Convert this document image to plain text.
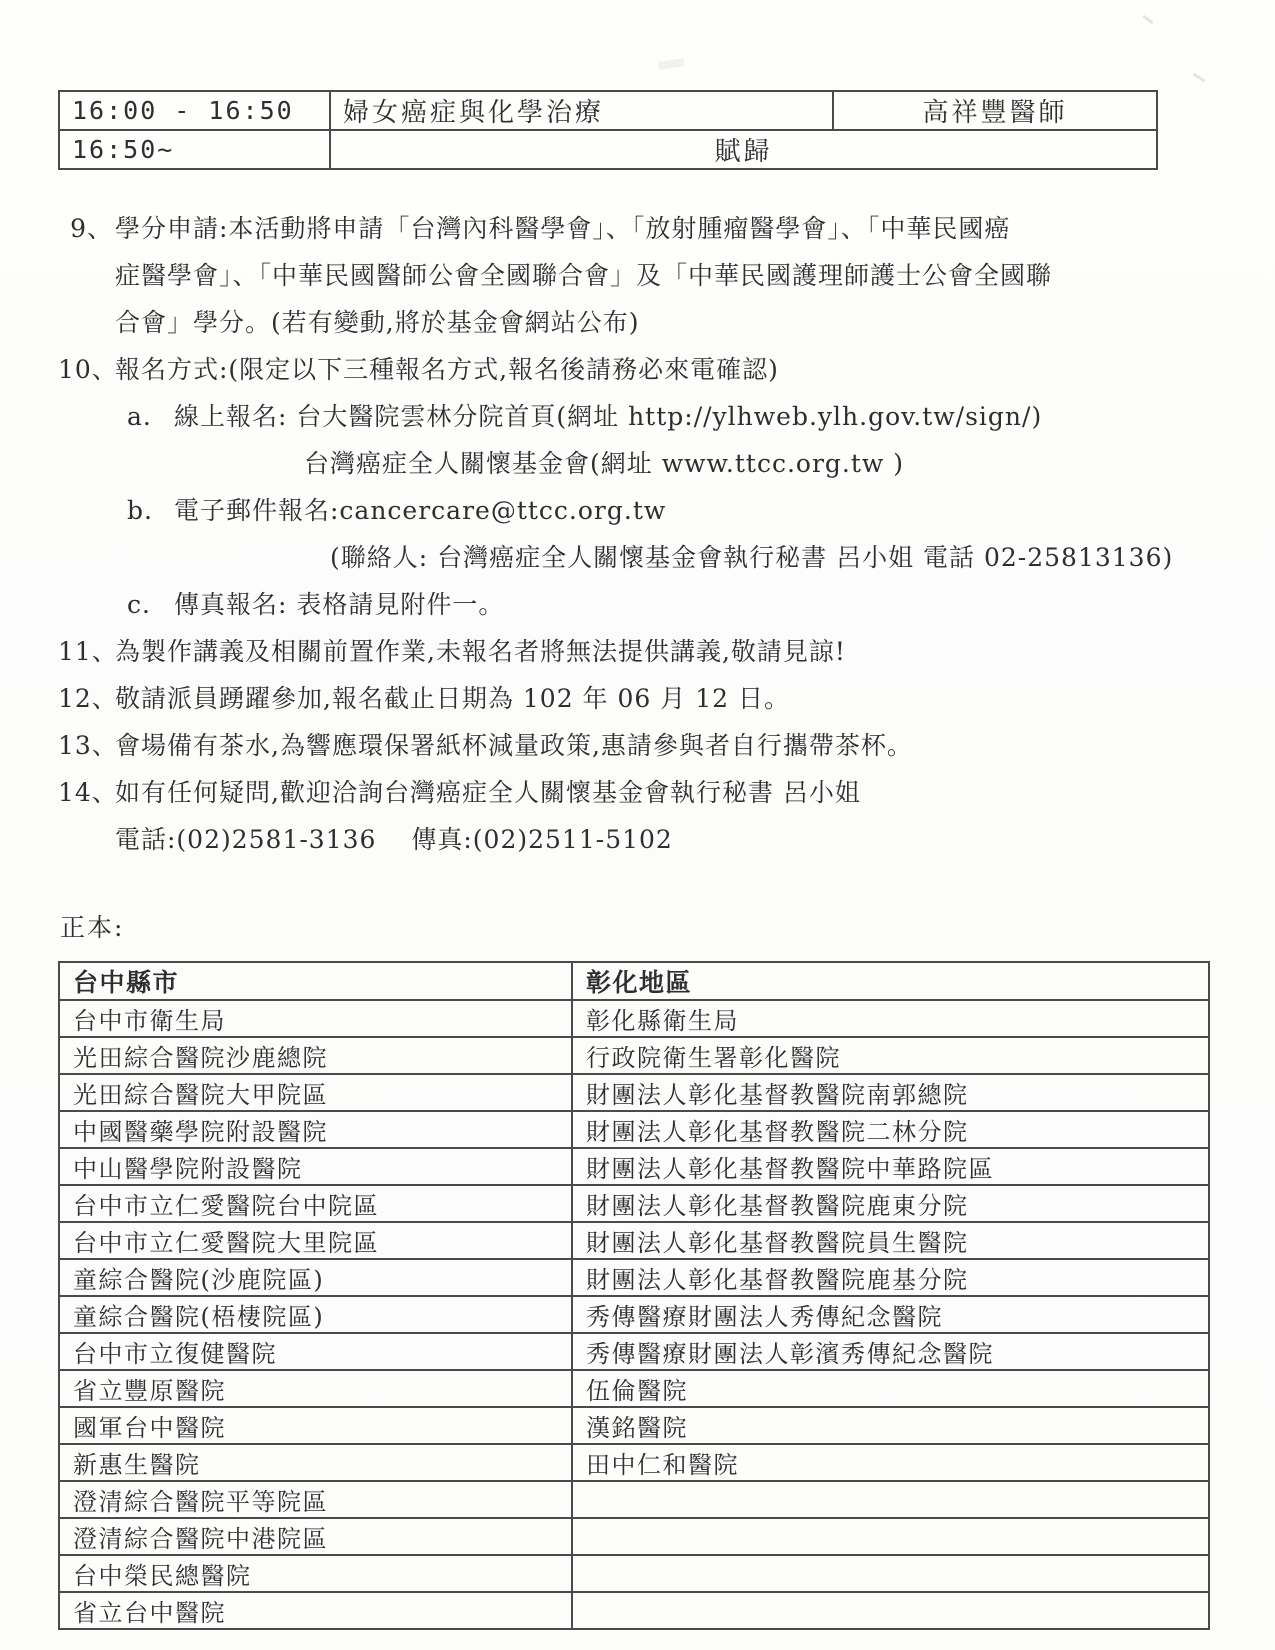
16:00 - 16:50	婦女癌症與化學治療	高祥豐醫師
16:50~	賦歸	
9、 學分申請:本活動將申請「台灣內科醫學會」、「放射腫瘤醫學會」、「中華民國癌
症醫學會」、「中華民國醫師公會全國聯合會」及「中華民國護理師護士公會全國聯
合會」學分。(若有變動,將於基金會網站公布)
10、
報名方式:(限定以下三種報名方式,報名後請務必來電確認)
a. 線上報名: 台大醫院雲林分院首頁(網址 http://ylhweb.ylh.gov.tw/sign/)
台灣癌症全人關懷基金會(網址 www.ttcc.org.tw )
b. 電子郵件報名:cancercare@ttcc.org.tw
(聯絡人: 台灣癌症全人關懷基金會執行秘書 呂小姐 電話 02-25813136)
c. 傳真報名: 表格請見附件一。
11、
為製作講義及相關前置作業,未報名者將無法提供講義,敬請見諒!
12、
敬請派員踴躍參加,報名截止日期為 102 年 06 月 12 日。
13、
會場備有茶水,為響應環保署紙杯減量政策,惠請參與者自行攜帶茶杯。
14、
如有任何疑問,歡迎洽詢台灣癌症全人關懷基金會執行秘書 呂小姐
電話:(02)2581-3136　 傳真:(02)2511-5102
正本:
台中縣市	彰化地區
台中市衛生局	彰化縣衛生局
光田綜合醫院沙鹿總院	行政院衛生署彰化醫院
光田綜合醫院大甲院區	財團法人彰化基督教醫院南郭總院
中國醫藥學院附設醫院	財團法人彰化基督教醫院二林分院
中山醫學院附設醫院	財團法人彰化基督教醫院中華路院區
台中市立仁愛醫院台中院區	財團法人彰化基督教醫院鹿東分院
台中市立仁愛醫院大里院區	財團法人彰化基督教醫院員生醫院
童綜合醫院(沙鹿院區)	財團法人彰化基督教醫院鹿基分院
童綜合醫院(梧棲院區)	秀傳醫療財團法人秀傳紀念醫院
台中市立復健醫院	秀傳醫療財團法人彰濱秀傳紀念醫院
省立豐原醫院	伍倫醫院
國軍台中醫院	漢銘醫院
新惠生醫院	田中仁和醫院
澄清綜合醫院平等院區	
澄清綜合醫院中港院區	
台中榮民總醫院	
省立台中醫院	
